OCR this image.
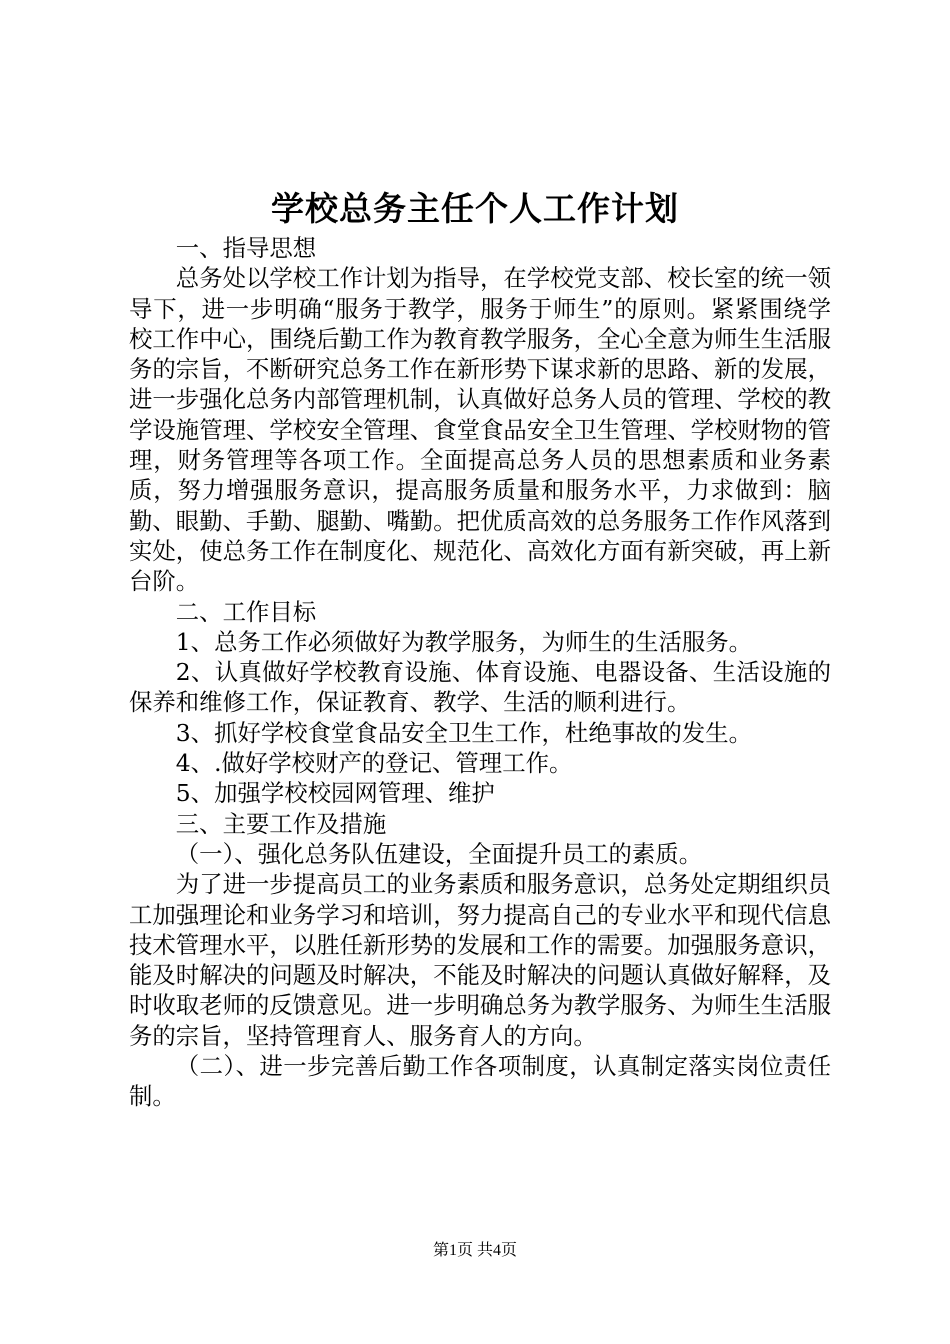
学校总务主任个人工作计划

一、指导思想

总务处以学校工作计划为指导，在学校党支部、校长室的统一领导下，进一步明确“服务于教学，服务于师生”的原则。紧紧围绕学校工作中心，围绕后勤工作为教育教学服务，全心全意为师生生活服务的宗旨，不断研究总务工作在新形势下谋求新的思路、新的发展，进一步强化总务内部管理机制，认真做好总务人员的管理、学校的教学设施管理、学校安全管理、食堂食品安全卫生管理、学校财物的管理，财务管理等各项工作。全面提高总务人员的思想素质和业务素质，努力增强服务意识，提高服务质量和服务水平，力求做到：脑勤、眼勤、手勤、腿勤、嘴勤。把优质高效的总务服务工作作风落到实处，使总务工作在制度化、规范化、高效化方面有新突破，再上新台阶。

二、工作目标

1、总务工作必须做好为教学服务，为师生的生活服务。

2、认真做好学校教育设施、体育设施、电器设备、生活设施的保养和维修工作，保证教育、教学、生活的顺利进行。

3、抓好学校食堂食品安全卫生工作，杜绝事故的发生。

4、.做好学校财产的登记、管理工作。

5、加强学校校园网管理、维护

三、主要工作及措施

（一）、强化总务队伍建设，全面提升员工的素质。

为了进一步提高员工的业务素质和服务意识，总务处定期组织员工加强理论和业务学习和培训，努力提高自己的专业水平和现代信息技术管理水平，以胜任新形势的发展和工作的需要。加强服务意识，能及时解决的问题及时解决，不能及时解决的问题认真做好解释，及时收取老师的反馈意见。进一步明确总务为教学服务、为师生生活服务的宗旨，坚持管理育人、服务育人的方向。

（二）、进一步完善后勤工作各项制度，认真制定落实岗位责任制。

第1页 共4页
